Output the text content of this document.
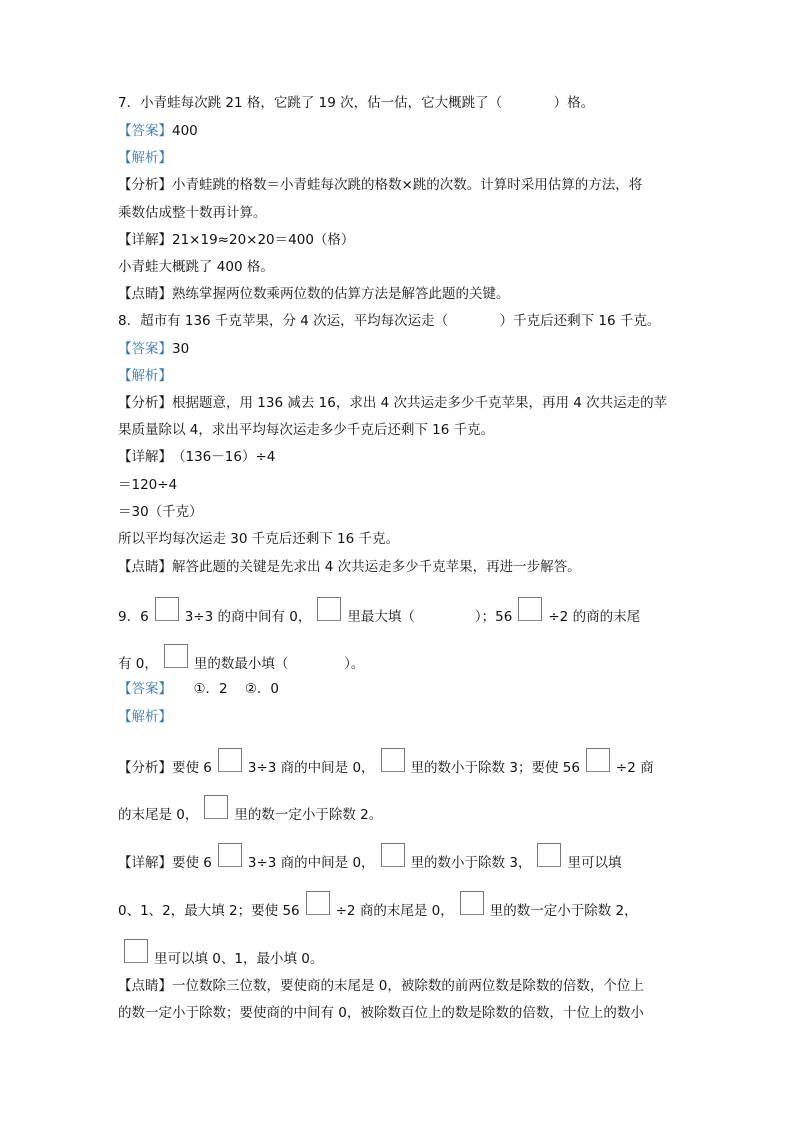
7．小青蛙每次跳 21 格，它跳了 19 次，估一估，它大概跳了（            ）格。
【答案】 400
【解析】
【分析】 小青蛙跳的格数＝小青蛙每次跳的格数×跳的次数。计算时采用估算的方法，将
乘数估成整十数再计算。
【详解】 21×19≈20×20＝400（格）
小青蛙大概跳了 400 格。
【点睛】 熟练掌握两位数乘两位数的估算方法是解答此题的关键。
8．超市有 136 千克苹果，分 4 次运，平均每次运走（            ）千克后还剩下 16 千克。
【答案】 30
【解析】
【分析】 根据题意，用 136 减去 16，求出 4 次共运走多少千克苹果，再用 4 次共运走的苹
果质量除以 4，求出平均每次运走多少千克后还剩下 16 千克。
【详解】 （136－16）÷4
＝120÷4
＝30（千克）
所以平均每次运走 30 千克后还剩下 16 千克。
【点睛】 解答此题的关键是先求出 4 次共运走多少千克苹果，再进一步解答。
9．6	3÷3 的商中间有 0，	里最大填（              ）；56	÷2 的商的末尾
有 0，	里的数最小填（             ）。
【答案】 ①．2    ②．0
【解析】
【分析】 要使 6	3÷3 商的中间是 0，	里的数小于除数 3；要使 56	÷2 商
的末尾是 0，	里的数一定小于除数 2。
【详解】 要使 6	3÷3 商的中间是 0，	里的数小于除数 3，	里可以填
0、1、2，最大填 2；要使 56	÷2 商的末尾是 0，	里的数一定小于除数 2，
里可以填 0、1，最小填 0。
【点睛】 一位数除三位数，要使商的末尾是 0，被除数的前两位数是除数的倍数，个位上
的数一定小于除数；要使商的中间有 0，被除数百位上的数是除数的倍数，十位上的数小
